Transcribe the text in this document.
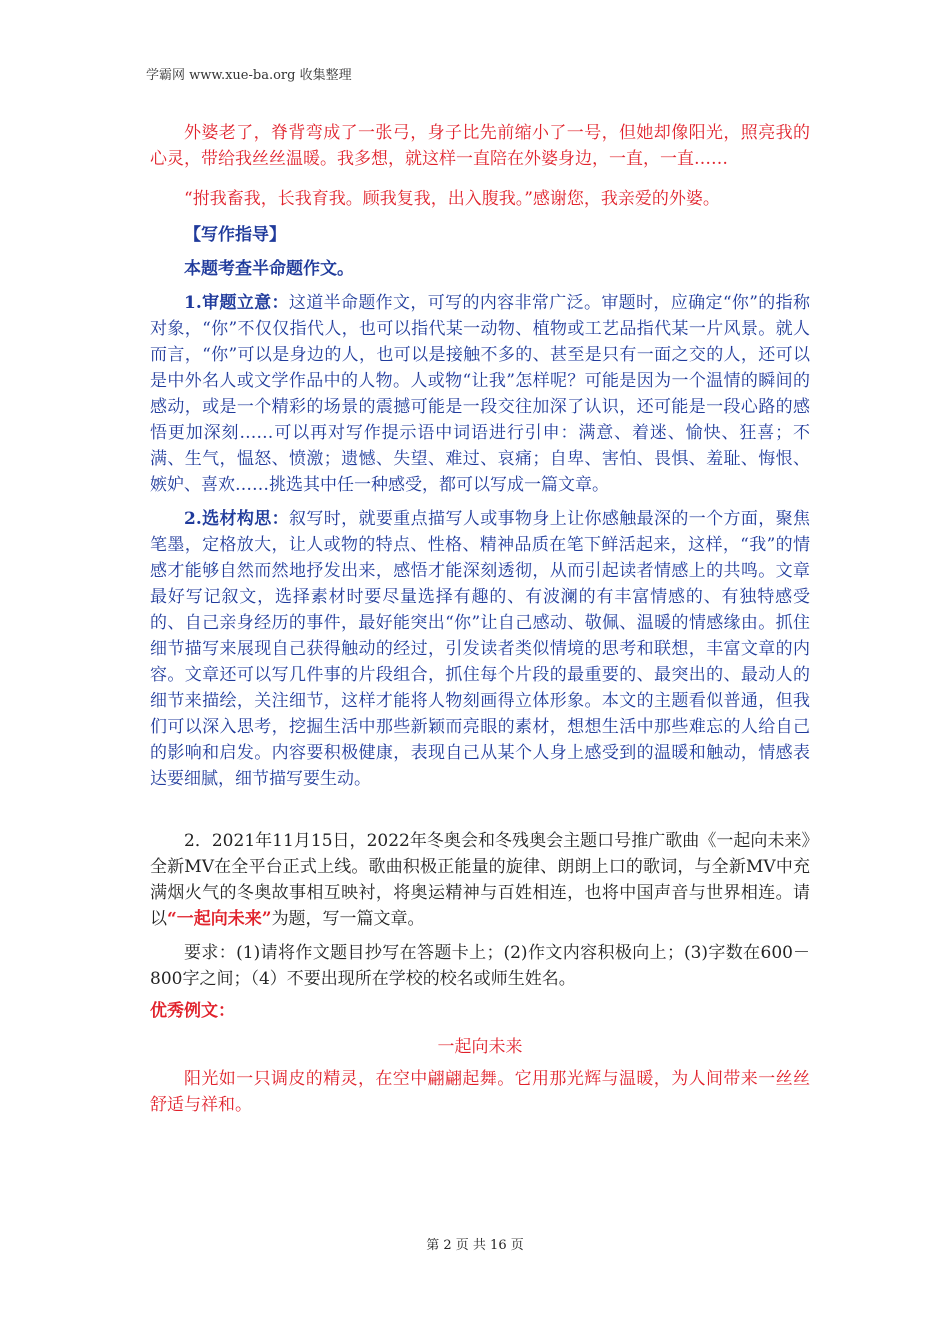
学霸网 www.xue-ba.org 收集整理

外婆老了，脊背弯成了一张弓，身子比先前缩小了一号，但她却像阳光，照亮我的心灵，带给我丝丝温暖。我多想，就这样一直陪在外婆身边，一直，一直……

“拊我畜我，长我育我。顾我复我，出入腹我。”感谢您，我亲爱的外婆。

【写作指导】

本题考查半命题作文。

1.审题立意：这道半命题作文，可写的内容非常广泛。审题时，应确定“你”的指称对象，“你”不仅仅指代人，也可以指代某一动物、植物或工艺品指代某一片风景。就人而言，“你”可以是身边的人，也可以是接触不多的、甚至是只有一面之交的人，还可以是中外名人或文学作品中的人物。人或物“让我”怎样呢？可能是因为一个温情的瞬间的感动，或是一个精彩的场景的震撼可能是一段交往加深了认识，还可能是一段心路的感悟更加深刻……可以再对写作提示语中词语进行引申：满意、着迷、愉快、狂喜；不满、生气，愠怒、愤激；遗憾、失望、难过、哀痛；自卑、害怕、畏惧、羞耻、悔恨、嫉妒、喜欢……挑选其中任一种感受，都可以写成一篇文章。

2.选材构思：叙写时，就要重点描写人或事物身上让你感触最深的一个方面，聚焦笔墨，定格放大，让人或物的特点、性格、精神品质在笔下鲜活起来，这样，“我”的情感才能够自然而然地抒发出来，感悟才能深刻透彻，从而引起读者情感上的共鸣。文章最好写记叙文，选择素材时要尽量选择有趣的、有波澜的有丰富情感的、有独特感受的、自己亲身经历的事件，最好能突出“你”让自己感动、敬佩、温暖的情感缘由。抓住细节描写来展现自己获得触动的经过，引发读者类似情境的思考和联想，丰富文章的内容。文章还可以写几件事的片段组合，抓住每个片段的最重要的、最突出的、最动人的细节来描绘，关注细节，这样才能将人物刻画得立体形象。本文的主题看似普通，但我们可以深入思考，挖掘生活中那些新颖而亮眼的素材，想想生活中那些难忘的人给自己的影响和启发。内容要积极健康，表现自己从某个人身上感受到的温暖和触动，情感表达要细腻，细节描写要生动。

2．2021年11月15日，2022年冬奥会和冬残奥会主题口号推广歌曲《一起向未来》全新MV在全平台正式上线。歌曲积极正能量的旋律、朗朗上口的歌词，与全新MV中充满烟火气的冬奥故事相互映衬，将奥运精神与百姓相连，也将中国声音与世界相连。请以“一起向未来”为题，写一篇文章。

要求：(1)请将作文题目抄写在答题卡上；(2)作文内容积极向上；(3)字数在600－800字之间；（4）不要出现所在学校的校名或师生姓名。

优秀例文：

一起向未来

阳光如一只调皮的精灵，在空中翩翩起舞。它用那光辉与温暖，为人间带来一丝丝舒适与祥和。

第 2 页 共 16 页
